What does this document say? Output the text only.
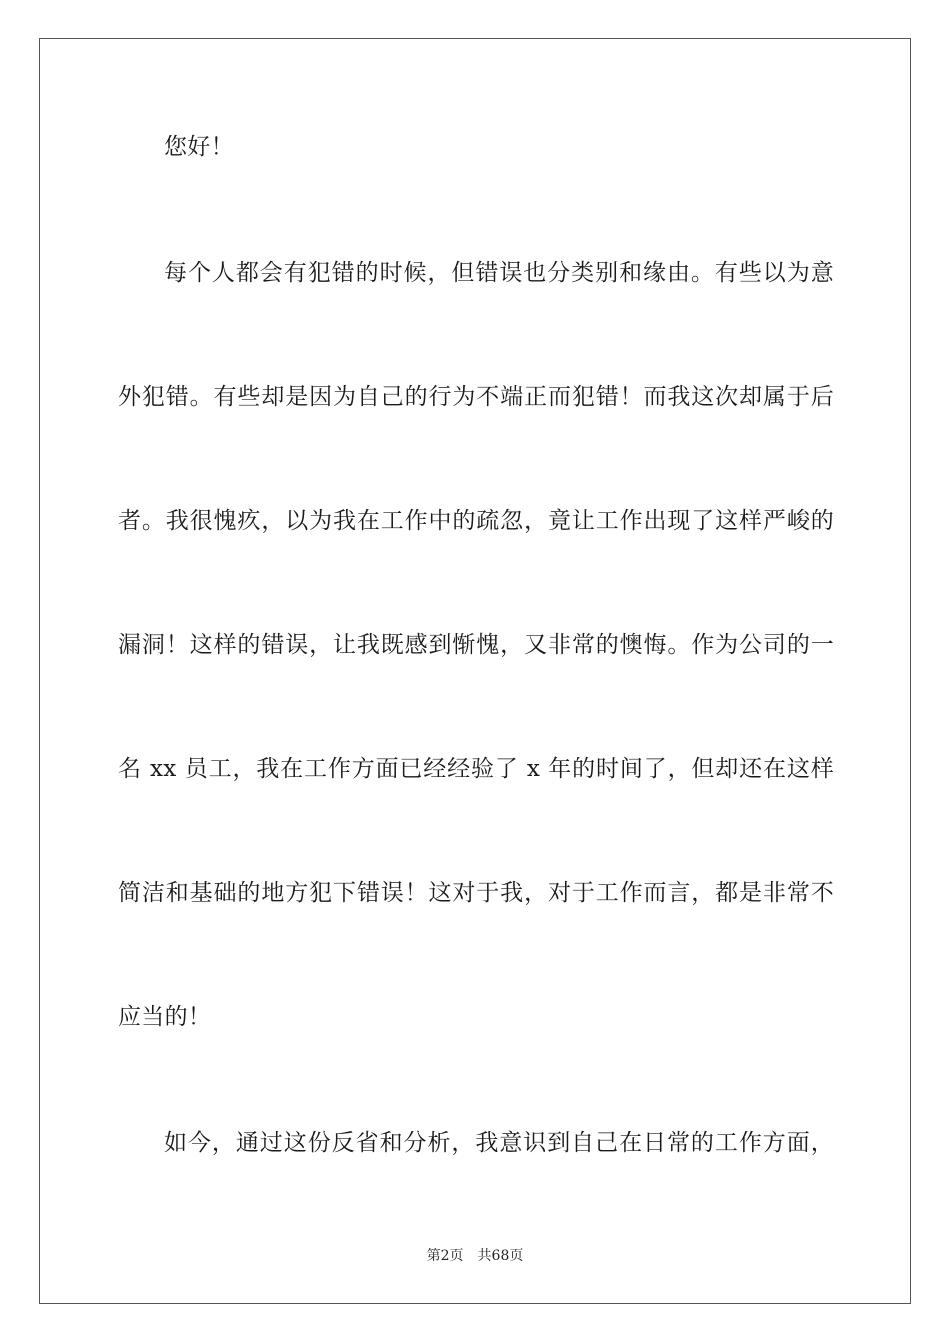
您好！
每个人都会有犯错的时候，但错误也分类别和缘由。有些以为意
外犯错。有些却是因为自己的行为不端正而犯错！而我这次却属于后
者。我很愧疚，以为我在工作中的疏忽，竟让工作出现了这样严峻的
漏洞！这样的错误，让我既感到惭愧，又非常的懊悔。作为公司的一
名 xx 员工，我在工作方面已经经验了 x 年的时间了，但却还在这样
简洁和基础的地方犯下错误！这对于我，对于工作而言，都是非常不
应当的！
如今，通过这份反省和分析，我意识到自己在日常的工作方面，
第2页 共68页
